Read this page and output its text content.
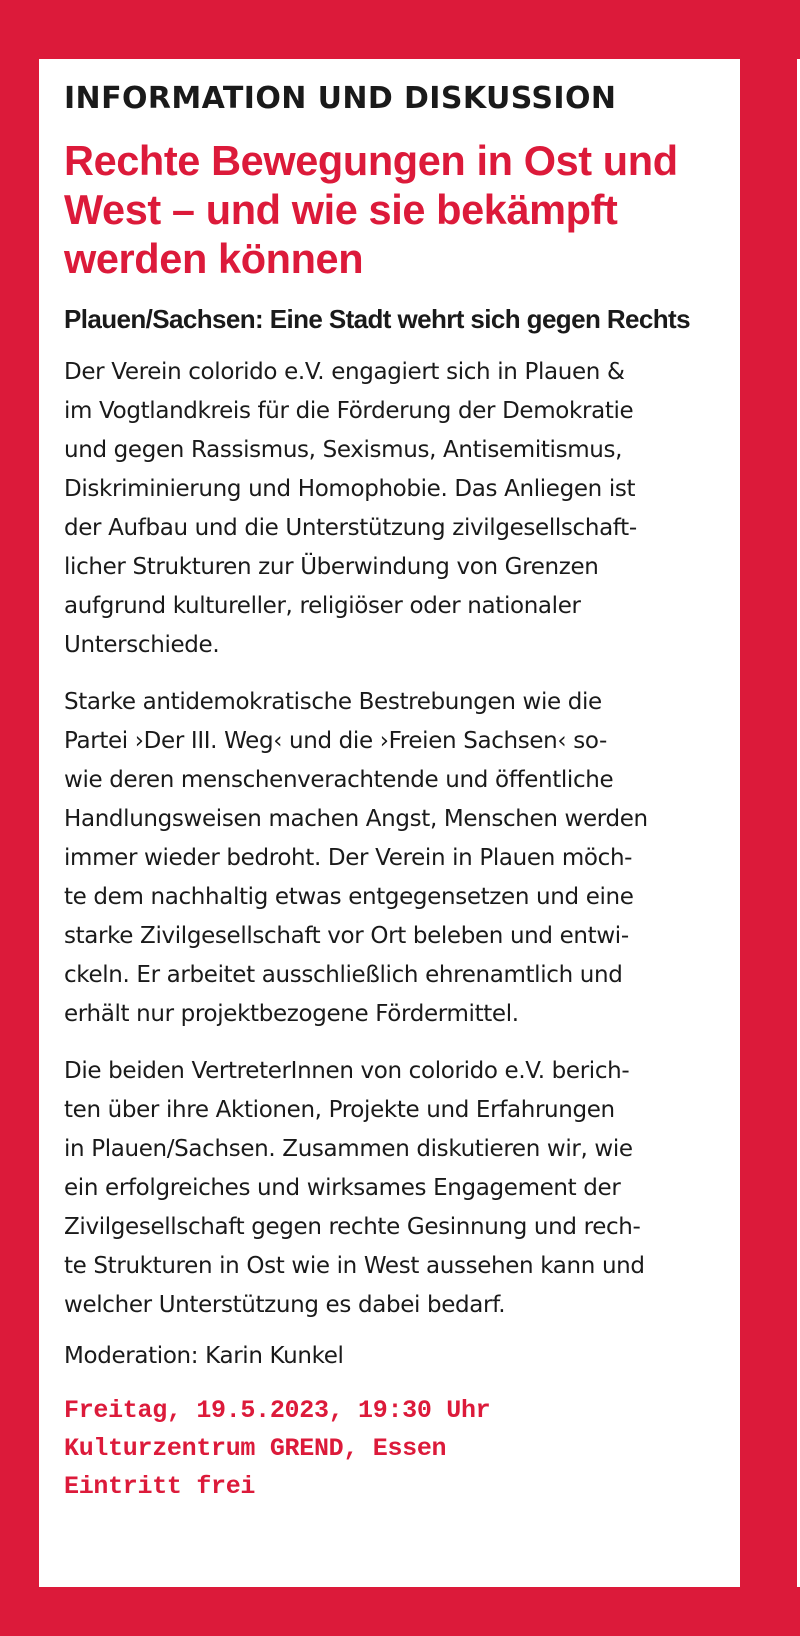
INFORMATION UND DISKUSSION
Rechte Bewegungen in Ost und
West – und wie sie bekämpft
werden können
Plauen/Sachsen: Eine Stadt wehrt sich gegen Rechts

Der Verein colorido e.V. engagiert sich in Plauen &
im Vogtlandkreis für die Förderung der Demokratie
und gegen Rassismus, Sexismus, Antisemitismus,
Diskriminierung und Homophobie. Das Anliegen ist
der Aufbau und die Unterstützung zivilgesellschaft-
licher Strukturen zur Überwindung von Grenzen
aufgrund kultureller, religiöser oder nationaler
Unterschiede.

Starke antidemokratische Bestrebungen wie die
Partei ›Der III. Weg‹ und die ›Freien Sachsen‹ so-
wie deren menschenverachtende und öffentliche
Handlungsweisen machen Angst, Menschen werden
immer wieder bedroht. Der Verein in Plauen möch-
te dem nachhaltig etwas entgegensetzen und eine
starke Zivilgesellschaft vor Ort beleben und entwi-
ckeln. Er arbeitet ausschließlich ehrenamtlich und
erhält nur projektbezogene Fördermittel.

Die beiden VertreterInnen von colorido e.V. berich-
ten über ihre Aktionen, Projekte und Erfahrungen
in Plauen/Sachsen. Zusammen diskutieren wir, wie
ein erfolgreiches und wirksames Engagement der
Zivilgesellschaft gegen rechte Gesinnung und rech-
te Strukturen in Ost wie in West aussehen kann und
welcher Unterstützung es dabei bedarf.

Moderation: Karin Kunkel

Freitag, 19.5.2023, 19:30 Uhr
Kulturzentrum GREND, Essen
Eintritt frei
